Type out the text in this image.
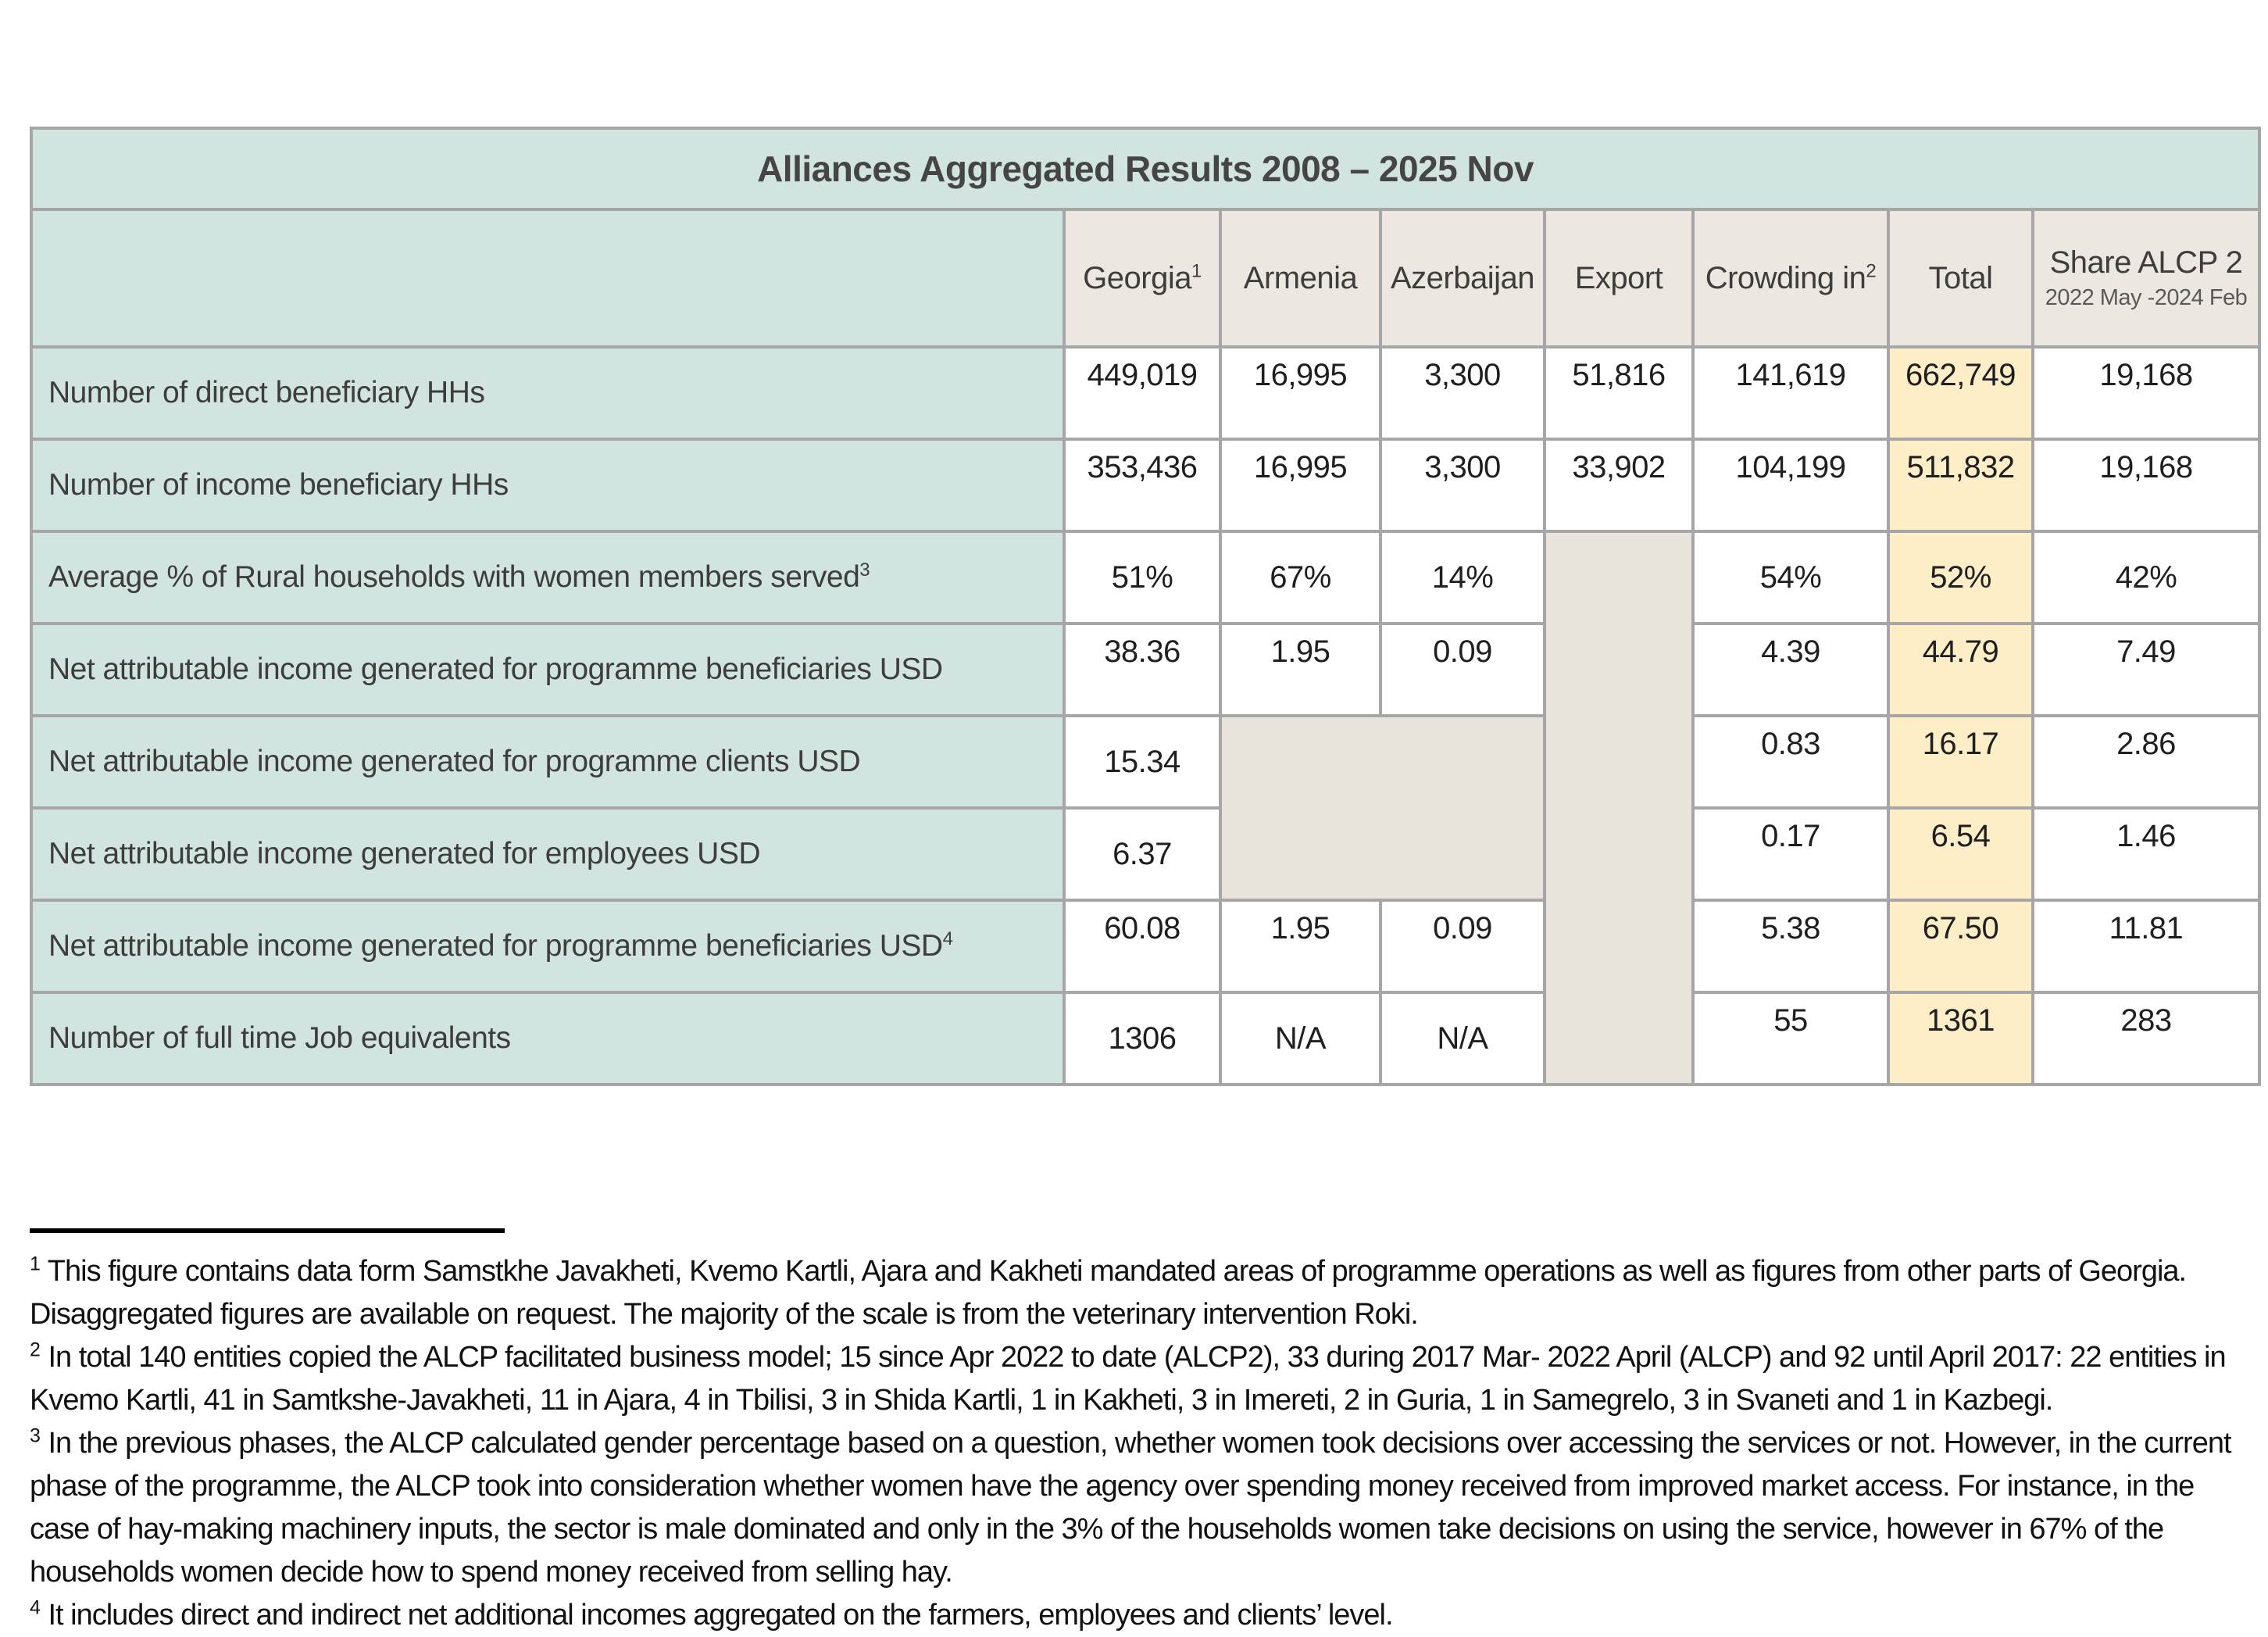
Alliances Aggregated Results 2008 – 2025 Nov							
	Georgia$^1$	Armenia	Azerbaijan	Export	Crowding $in^2$	Total	Share ALCP 2
2022 May -2024 Feb

Number of direct beneficiary HHs	449,019	16,995	3,300	51,816	141,619	662,749	19,168
Number of income beneficiary HHs	353,436	16,995	3,300	33,902	104,199	511,832	19,168
Average % of Rural households with women members served$^3$	51%	67%	14%		54%	52%	42%
Net attributable income generated for programme beneficiaries USD	38.36	1.95	0.09		4.39	44.79	7.49
Net attributable income generated for programme clients USD	15.34				0.83	16.17	2.86
Net attributable income generated for employees USD	6.37				0.17	6.54	1.46
Net attributable income generated for programme beneficiaries USD$^4$	60.08	1.95	0.09		5.38	67.50	11.81
Number of full time Job equivalents	1306	N/A	N/A		55	1361	283

$^1$ This figure contains data form Samstkhe Javakheti, Kvemo Kartli, Ajara and Kakheti mandated areas of programme operations as well as figures from other parts of Georgia. Disaggregated figures are available on request. The majority of the scale is from the veterinary intervention Roki.

$^2$ In total 140 entities copied the ALCP facilitated business model; 15 since Apr 2022 to date (ALCP2), 33 during 2017 Mar- 2022 April (ALCP) and 92 until April 2017: 22 entities in Kvemo Kartli, 41 in Samtkshe-Javakheti, 11 in Ajara, 4 in Tbilisi, 3 in Shida Kartli, 1 in Kakheti, 3 in Imereti, 2 in Guria, 1 in Samegrelo, 3 in Svaneti and 1 in Kazbegi.

$^3$ In the previous phases, the ALCP calculated gender percentage based on a question, whether women took decisions over accessing the services or not. However, in the current phase of the programme, the ALCP took into consideration whether women have the agency over spending money received from improved market access. For instance, in the case of hay-making machinery inputs, the sector is male dominated and only in the 3% of the households women take decisions on using the service, however in 67% of the households women decide how to spend money received from selling hay.

$^4$ It includes direct and indirect net additional incomes aggregated on the farmers, employees and clients’ level.
